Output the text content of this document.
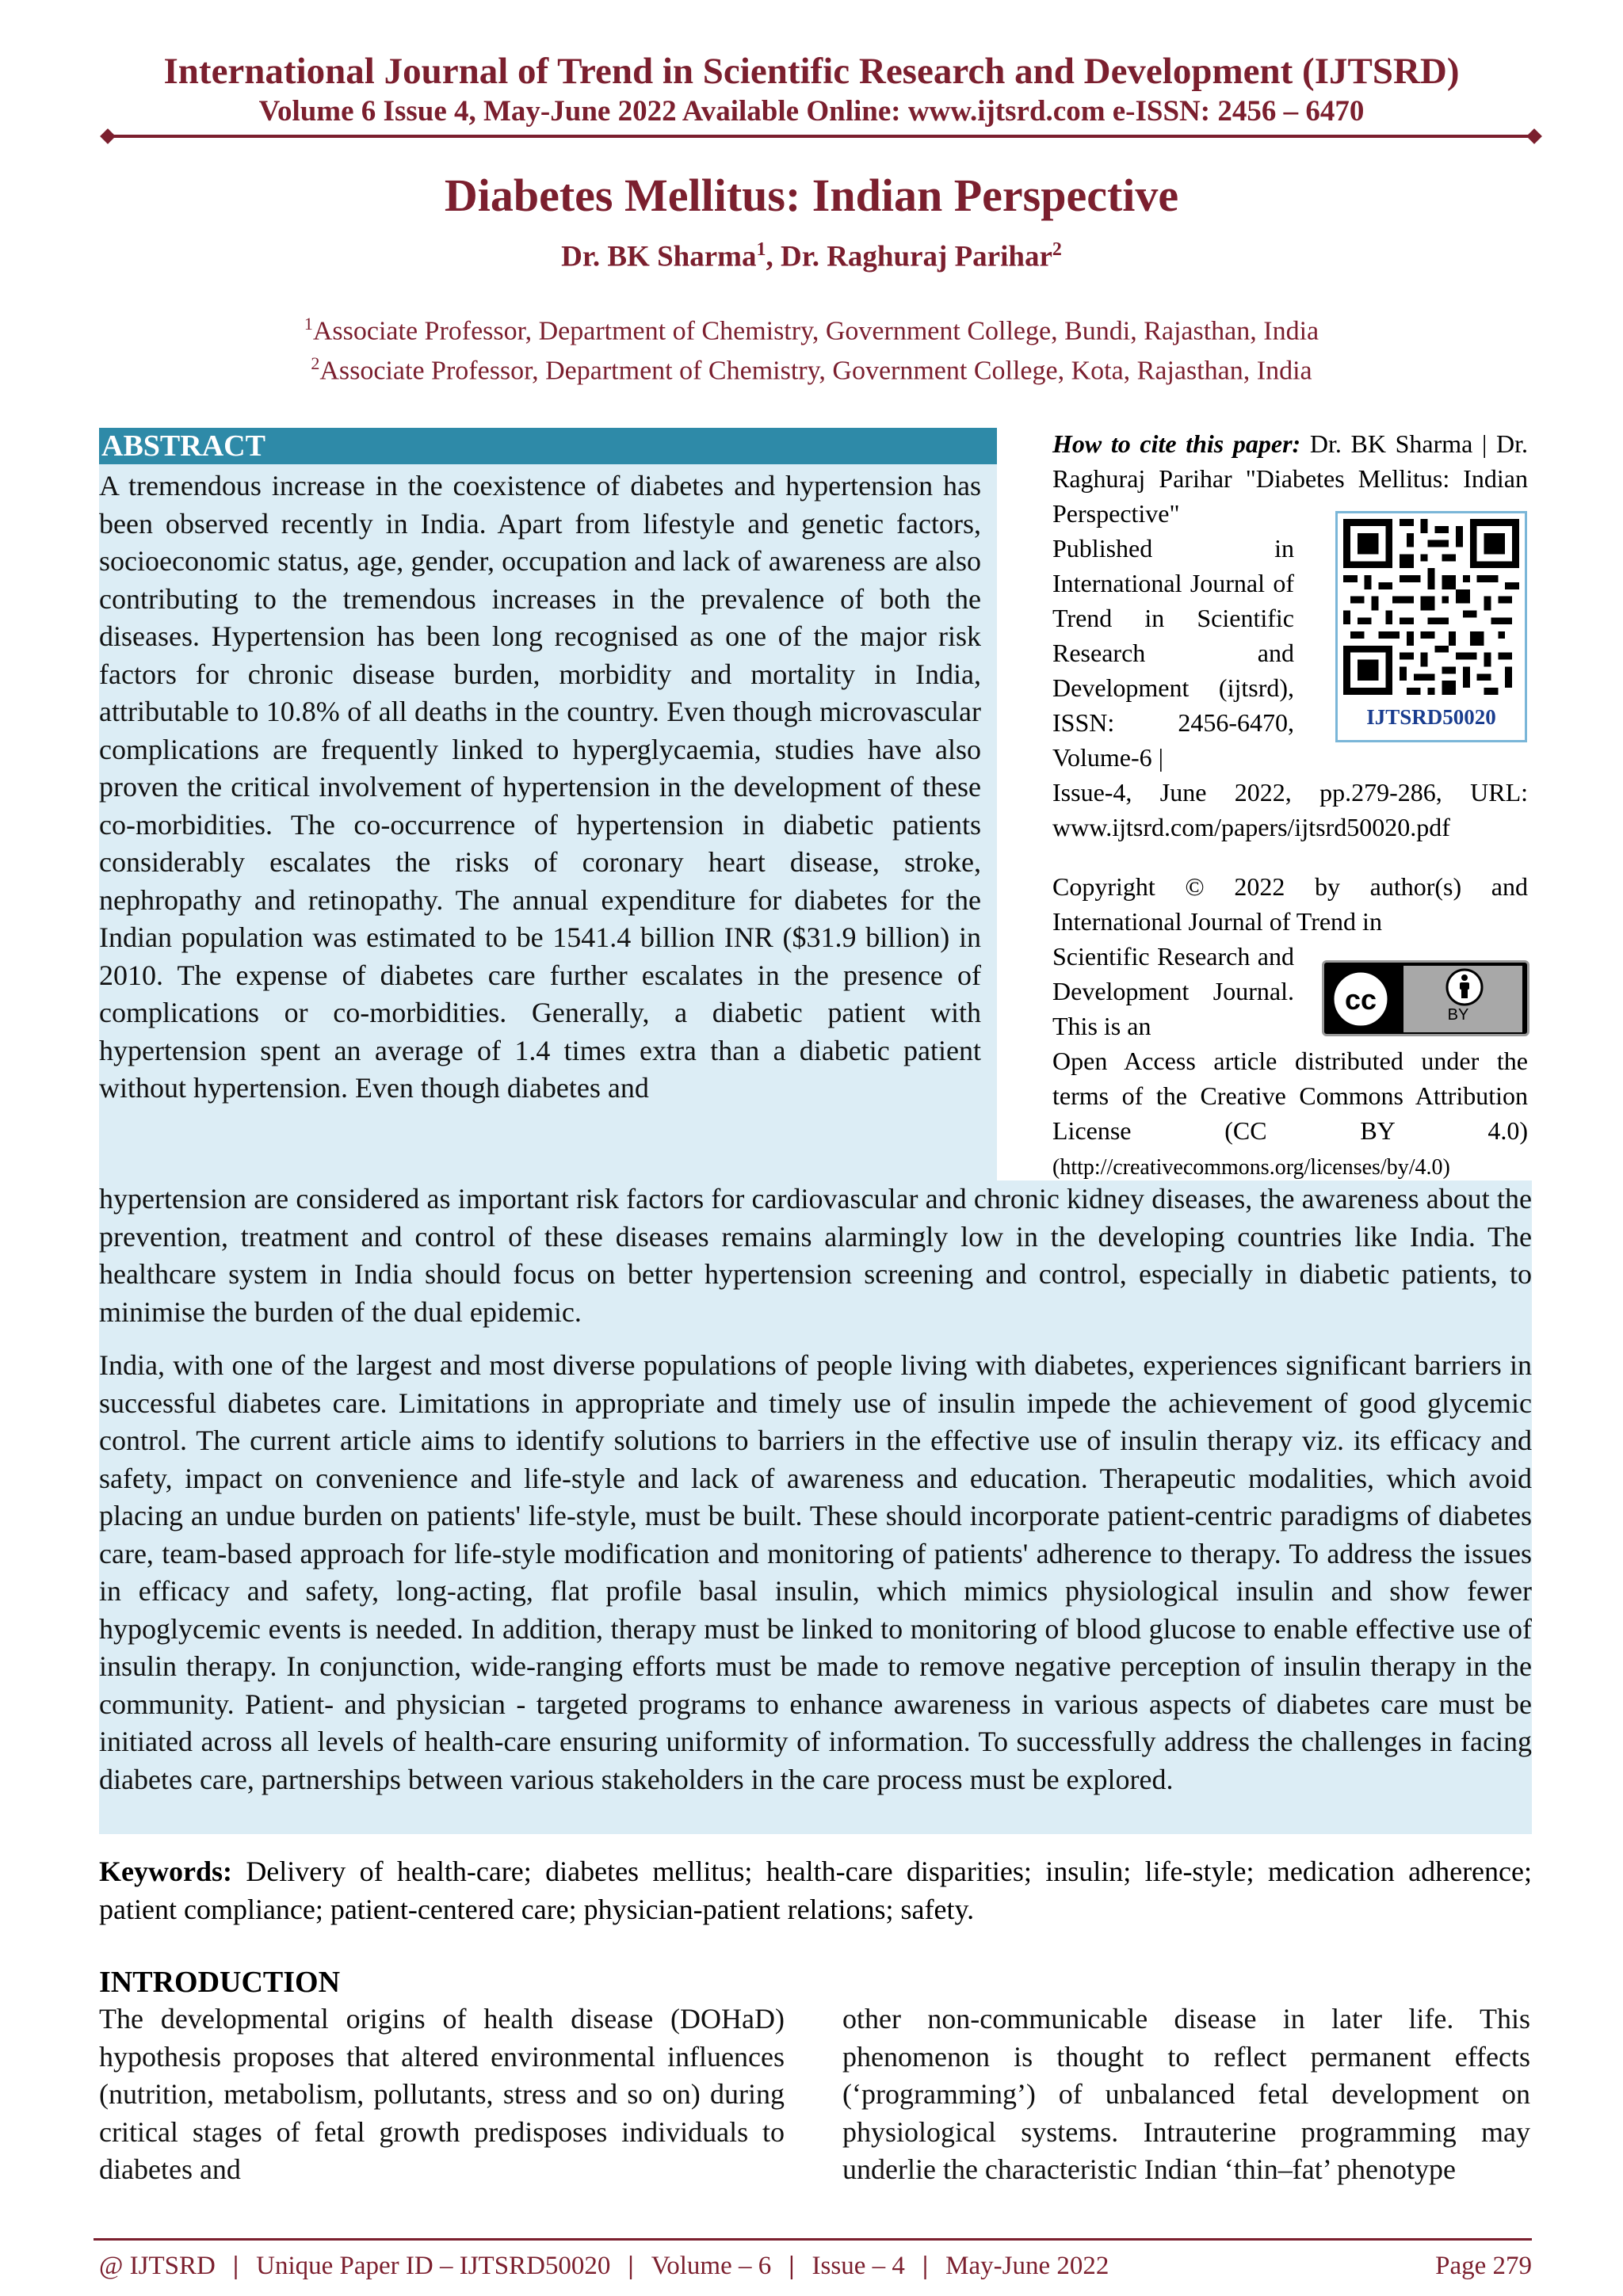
International Journal of Trend in Scientific Research and Development (IJTSRD)
Volume 6 Issue 4, May-June 2022 Available Online: www.ijtsrd.com e-ISSN: 2456 – 6470
Diabetes Mellitus: Indian Perspective
Dr. BK Sharma$^1$, Dr. Raghuraj Parihar$^2$
$^1$Associate Professor, Department of Chemistry, Government College, Bundi, Rajasthan, India
$^2$Associate Professor, Department of Chemistry, Government College, Kota, Rajasthan, India
ABSTRACT
A tremendous increase in the coexistence of diabetes and hypertension has been observed recently in India. Apart from lifestyle and genetic factors, socioeconomic status, age, gender, occupation and lack of awareness are also contributing to the tremendous increases in the prevalence of both the diseases. Hypertension has been long recognised as one of the major risk factors for chronic disease burden, morbidity and mortality in India, attributable to 10.8% of all deaths in the country. Even though microvascular complications are frequently linked to hyperglycaemia, studies have also proven the critical involvement of hypertension in the development of these co-morbidities. The co-occurrence of hypertension in diabetic patients considerably escalates the risks of coronary heart disease, stroke, nephropathy and retinopathy. The annual expenditure for diabetes for the Indian population was estimated to be 1541.4 billion INR ($31.9 billion) in 2010. The expense of diabetes care further escalates in the presence of complications or co-morbidities. Generally, a diabetic patient with hypertension spent an average of 1.4 times extra than a diabetic patient without hypertension. Even though diabetes and
hypertension are considered as important risk factors for cardiovascular and chronic kidney diseases, the awareness about the prevention, treatment and control of these diseases remains alarmingly low in the developing countries like India. The healthcare system in India should focus on better hypertension screening and control, especially in diabetic patients, to minimise the burden of the dual epidemic.
India, with one of the largest and most diverse populations of people living with diabetes, experiences significant barriers in successful diabetes care. Limitations in appropriate and timely use of insulin impede the achievement of good glycemic control. The current article aims to identify solutions to barriers in the effective use of insulin therapy viz. its efficacy and safety, impact on convenience and life-style and lack of awareness and education. Therapeutic modalities, which avoid placing an undue burden on patients' life-style, must be built. These should incorporate patient-centric paradigms of diabetes care, team-based approach for life-style modification and monitoring of patients' adherence to therapy. To address the issues in efficacy and safety, long-acting, flat profile basal insulin, which mimics physiological insulin and show fewer hypoglycemic events is needed. In addition, therapy must be linked to monitoring of blood glucose to enable effective use of insulin therapy. In conjunction, wide-ranging efforts must be made to remove negative perception of insulin therapy in the community. Patient- and physician - targeted programs to enhance awareness in various aspects of diabetes care must be initiated across all levels of health-care ensuring uniformity of information. To successfully address the challenges in facing diabetes care, partnerships between various stakeholders in the care process must be explored.
How to cite this paper: Dr. BK Sharma | Dr. Raghuraj Parihar "Diabetes Mellitus: Indian Perspective"
Published in International Journal of Trend in Scientific Research and Development (ijtsrd), ISSN: 2456-6470, Volume-6 |
Issue-4, June 2022, pp.279-286, URL: www.ijtsrd.com/papers/ijtsrd50020.pdf
IJTSRD50020
Copyright © 2022 by author(s) and International Journal of Trend in
Scientific Research and Development Journal. This is an
Open Access article distributed under the terms of the Creative Commons Attribution License (CC BY 4.0) (http://creativecommons.org/licenses/by/4.0)
cc	BY
Keywords: Delivery of health-care; diabetes mellitus; health-care disparities; insulin; life-style; medication adherence; patient compliance; patient-centered care; physician-patient relations; safety.
INTRODUCTION
The developmental origins of health disease (DOHaD) hypothesis proposes that altered environmental influences (nutrition, metabolism, pollutants, stress and so on) during critical stages of fetal growth predisposes individuals to diabetes and
other non-communicable disease in later life. This phenomenon is thought to reflect permanent effects (‘programming’) of unbalanced fetal development on physiological systems. Intrauterine programming may underlie the characteristic Indian ‘thin–fat’ phenotype
@ IJTSRD | Unique Paper ID – IJTSRD50020 | Volume – 6 | Issue – 4 | May-June 2022	Page 279
